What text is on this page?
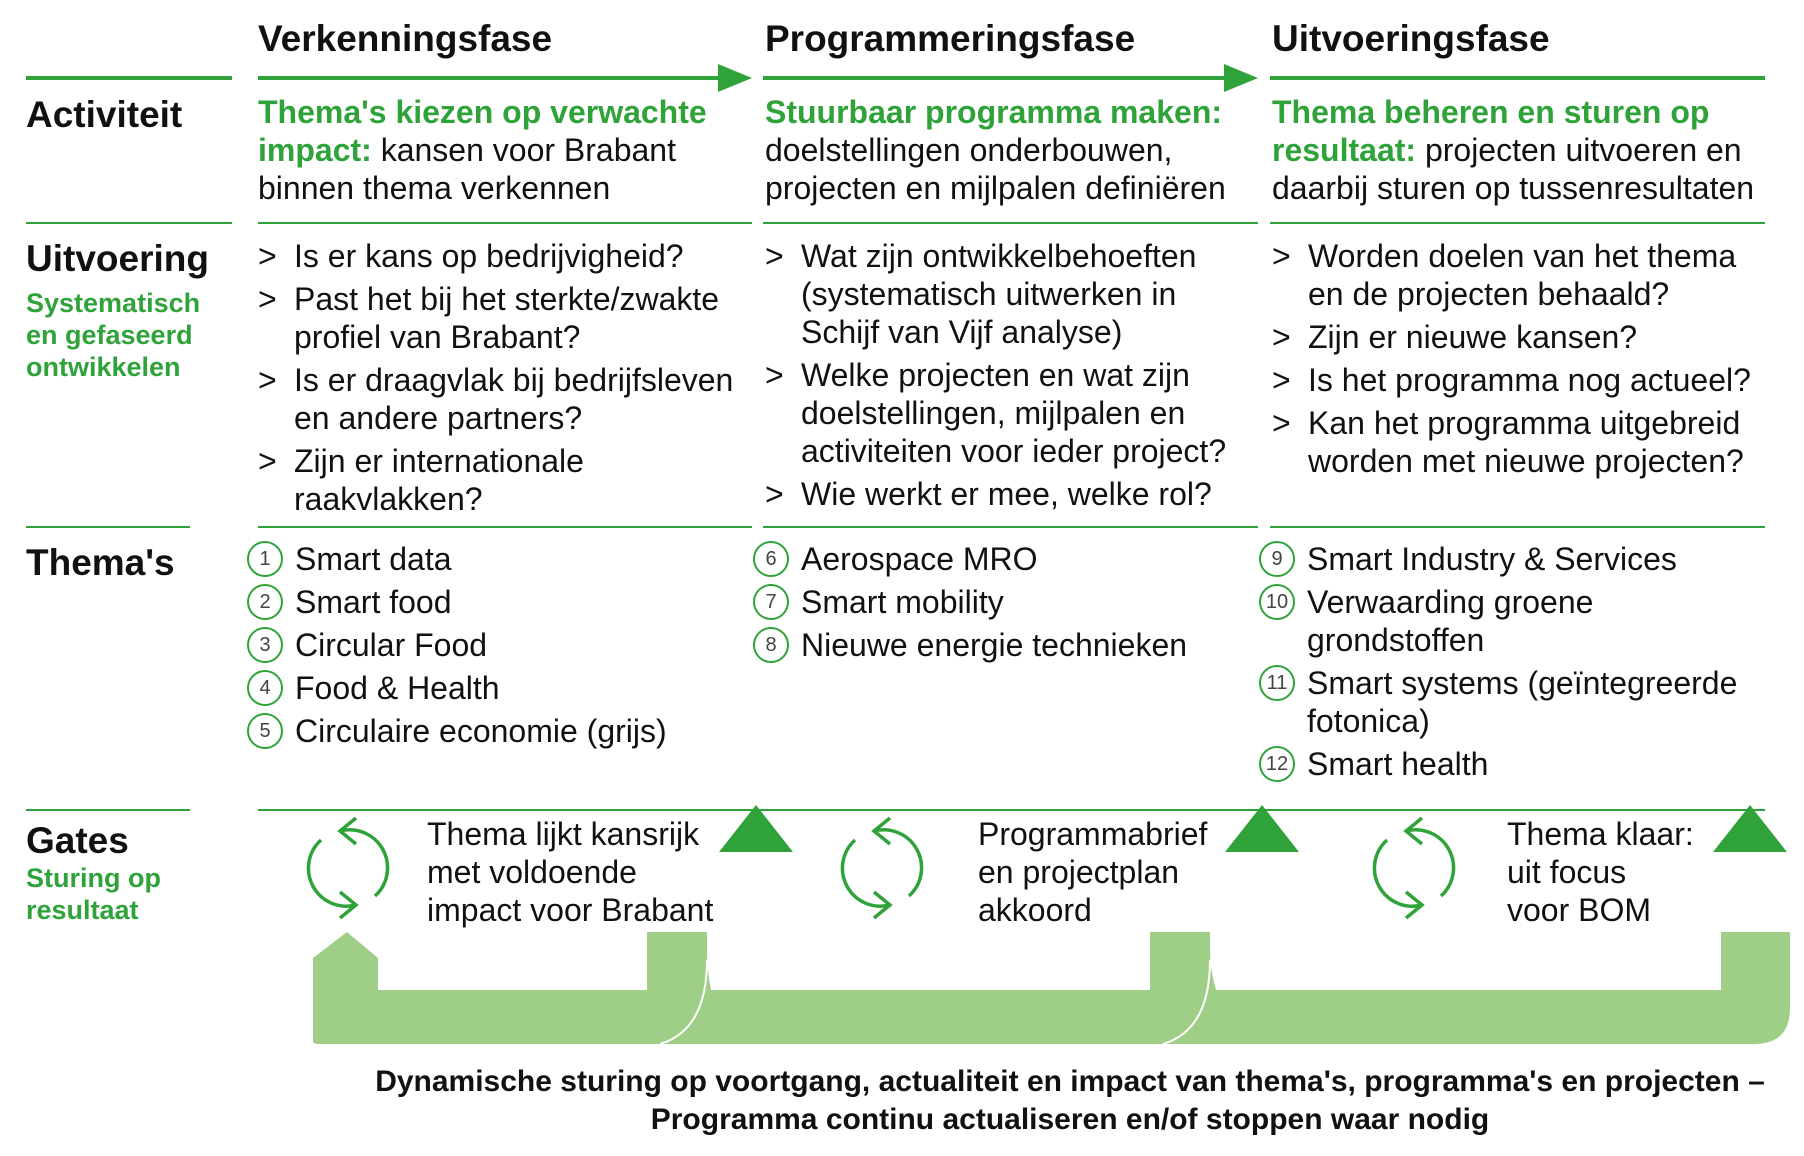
Verkenningsfase	Programmeringsfase	Uitvoeringsfase
Activiteit
Uitvoering
Systematisch
en gefaseerd
ontwikkelen
Thema's
Gates
Sturing op
resultaat
Thema's kiezen op verwachte impact: kansen voor Brabant binnen thema verkennen
Stuurbaar programma maken: doelstellingen onderbouwen, projecten en mijlpalen definiëren
Thema beheren en sturen op resultaat: projecten uitvoeren en daarbij sturen op tussenresultaten
> Is er kans op bedrijvigheid?
> Past het bij het sterkte/zwakte profiel van Brabant?
> Is er draagvlak bij bedrijfsleven en andere partners?
> Zijn er internationale raakvlakken?
> Wat zijn ontwikkelbehoeften (systematisch uitwerken in Schijf van Vijf analyse)
> Welke projecten en wat zijn doelstellingen, mijlpalen en activiteiten voor ieder project?
> Wie werkt er mee, welke rol?
> Worden doelen van het thema en de projecten behaald?
> Zijn er nieuwe kansen?
> Is het programma nog actueel?
> Kan het programma uitgebreid worden met nieuwe projecten?
1 Smart data
2 Smart food
3 Circular Food
4 Food & Health
5 Circulaire economie (grijs)
6 Aerospace MRO
7 Smart mobility
8 Nieuwe energie technieken
9 Smart Industry & Services
10 Verwaarding groene grondstoffen
11 Smart systems (geïntegreerde fotonica)
12 Smart health
Thema lijkt kansrijk
met voldoende
impact voor Brabant
Programmabrief
en projectplan
akkoord
Thema klaar:
uit focus
voor BOM
Dynamische sturing op voortgang, actualiteit en impact van thema's, programma's en projecten – Programma continu actualiseren en/of stoppen waar nodig
